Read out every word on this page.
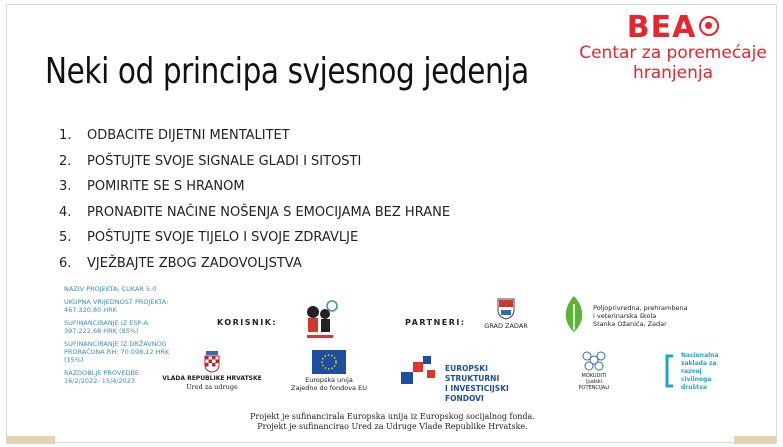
Neki od principa svjesnog jedenja
BEA
Centar za poremećaje
hranjenja
1. ODBACITE DIJETNI MENTALITET
2. POŠTUJTE SVOJE SIGNALE GLADI I SITOSTI
3. POMIRITE SE S HRANOM
4. PRONAĐITE NAČINE NOŠENJA S EMOCIJAMA BEZ HRANE
5. POŠTUJTE SVOJE TIJELO I SVOJE ZDRAVLJE
6. VJEŽBAJTE ZBOG ZADOVOLJSTVA
NAZIV PROJEKTA: CUKAR 5.0
UKUPNA VRIJEDNOST PROJEKTA:
467.320,80 HRK
SUFINANCIRANJE IZ ESF-A:
397.222,68 HRK (85%)
SUFINANCIRANJE IZ DRŽAVNOG
PRORAČUNA RH: 70.098,12 HRK
(15%)
RAZDOBLJE PROVEDBE:
16/2/2022- 15/4/2023
KORISNIK:	PARTNERI:	GRAD ZADAR
Poljoprivredna, prehrambena
i veterinarska škola
Stanka Ožanića, Zadar
VLADA REPUBLIKE HRVATSKE
Ured za udruge
Europska unija
Zajedno do fondova EU
EUROPSKI STRUKTURNI
I INVESTICIJSKI FONDOVI
MOKUDITI
ljudski
POTENCIJALI
Nacionalna
zaklada za
razvoj
civilnoga
društva
Projekt je sufinancirala Europska unija iz Europskog socijalnog fonda.
Projekt je sufinancirao Ured za Udruge Vlade Republike Hrvatske.
